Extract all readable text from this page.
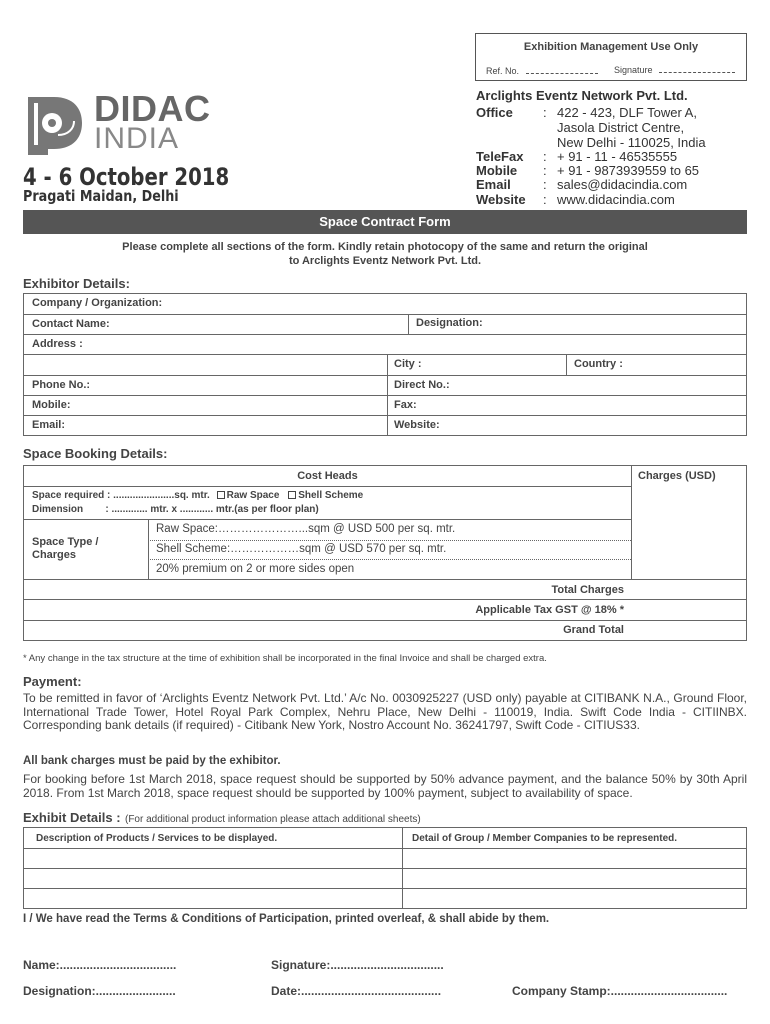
Exhibition Management Use Only
Ref. No.	Signature
DIDAC
INDIA
4 - 6 October 2018
Pragati Maidan, Delhi
Arclights Eventz Network Pvt. Ltd.
Office : 422 - 423, DLF Tower A,
Jasola District Centre,
New Delhi - 110025, India
TeleFax : + 91 - 11 - 46535555
Mobile : + 91 - 9873939559 to 65
Email : sales@didacindia.com
Website : www.didacindia.com
Space Contract Form
Please complete all sections of the form. Kindly retain photocopy of the same and return the original
to Arclights Eventz Network Pvt. Ltd.
Exhibitor Details:
Company / Organization:
Contact Name:	Designation:
Address :
City :	Country :
Phone No.:	Direct No.:
Mobile:	Fax:
Email:	Website:
Space Booking Details:
Cost Heads	Charges (USD)
Space required : ......................sq. mtr. Raw Space Shell Scheme
Dimension        : ............. mtr. x ............ mtr.(as per floor plan)
Space Type / Charges
Raw Space:…………………...sqm @ USD 500 per sq. mtr.
Shell Scheme:………………sqm @ USD 570 per sq. mtr.
20% premium on 2 or more sides open
Total Charges
Applicable Tax GST @ 18% *
Grand Total
* Any change in the tax structure at the time of exhibition shall be incorporated in the final Invoice and shall be charged extra.
Payment:
To be remitted in favor of ‘Arclights Eventz Network Pvt. Ltd.’ A/c No. 0030925227 (USD only) payable at CITIBANK N.A., Ground Floor, International Trade Tower, Hotel Royal Park Complex, Nehru Place, New Delhi - 110019, India. Swift Code India - CITIINBX. Corresponding bank details (if required) - Citibank New York, Nostro Account No. 36241797, Swift Code - CITIUS33.
All bank charges must be paid by the exhibitor.
For booking before 1st March 2018, space request should be supported by 50% advance payment, and the balance 50% by 30th April 2018. From 1st March 2018, space request should be supported by 100% payment, subject to availability of space.
Exhibit Details : (For additional product information please attach additional sheets)
Description of Products / Services to be displayed.	Detail of Group / Member Companies to be represented.
I / We have read the Terms & Conditions of Participation, printed overleaf, & shall abide by them.
Name:...................................	Signature:..................................
Designation:........................	Date:..........................................	Company Stamp:...................................
